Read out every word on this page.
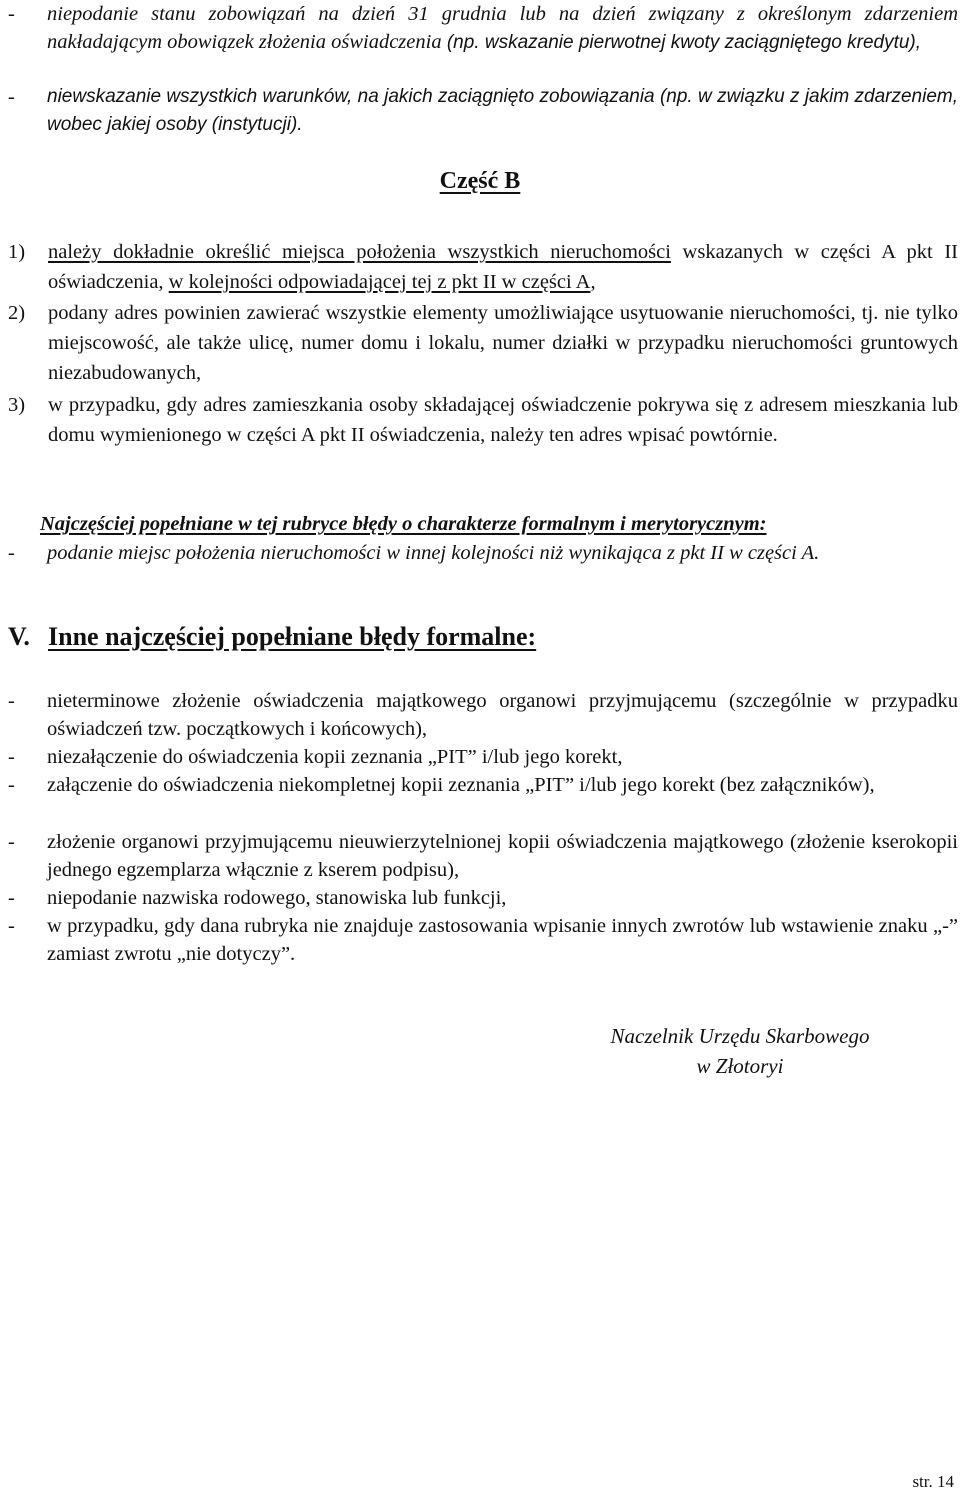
-	niepodanie stanu zobowiązań na dzień 31 grudnia lub na dzień związany z określonym zdarzeniem nakładającym obowiązek złożenia oświadczenia (np. wskazanie pierwotnej kwoty zaciągniętego kredytu),
-	niewskazanie wszystkich warunków, na jakich zaciągnięto zobowiązania (np. w związku z jakim zdarzeniem, wobec jakiej osoby (instytucji).
Część B
1)	należy dokładnie określić miejsca położenia wszystkich nieruchomości wskazanych w części A pkt II oświadczenia, w kolejności odpowiadającej tej z pkt II w części A,
2)	podany adres powinien zawierać wszystkie elementy umożliwiające usytuowanie nieruchomości, tj. nie tylko miejscowość, ale także ulicę, numer domu i lokalu, numer działki w przypadku nieruchomości gruntowych niezabudowanych,
3)	w przypadku, gdy adres zamieszkania osoby składającej oświadczenie pokrywa się z adresem mieszkania lub domu wymienionego w części A pkt II oświadczenia, należy ten adres wpisać powtórnie.
Najczęściej popełniane w tej rubryce błędy o charakterze formalnym i merytorycznym:
-	podanie miejsc położenia nieruchomości w innej kolejności niż wynikająca z pkt II w części A.
V. Inne najczęściej popełniane błędy formalne:
-	nieterminowe złożenie oświadczenia majątkowego organowi przyjmującemu (szczególnie w przypadku oświadczeń tzw. początkowych i końcowych),
-	niezałączenie do oświadczenia kopii zeznania „PIT” i/lub jego korekt,
-	załączenie do oświadczenia niekompletnej kopii zeznania „PIT” i/lub jego korekt (bez załączników),
-	złożenie organowi przyjmującemu nieuwierzytelnionej kopii oświadczenia majątkowego (złożenie kserokopii jednego egzemplarza włącznie z kserem podpisu),
-	niepodanie nazwiska rodowego, stanowiska lub funkcji,
-	w przypadku, gdy dana rubryka nie znajduje zastosowania wpisanie innych zwrotów lub wstawienie znaku „-” zamiast zwrotu „nie dotyczy”.
Naczelnik Urzędu Skarbowego
w Złotoryi
str. 14
